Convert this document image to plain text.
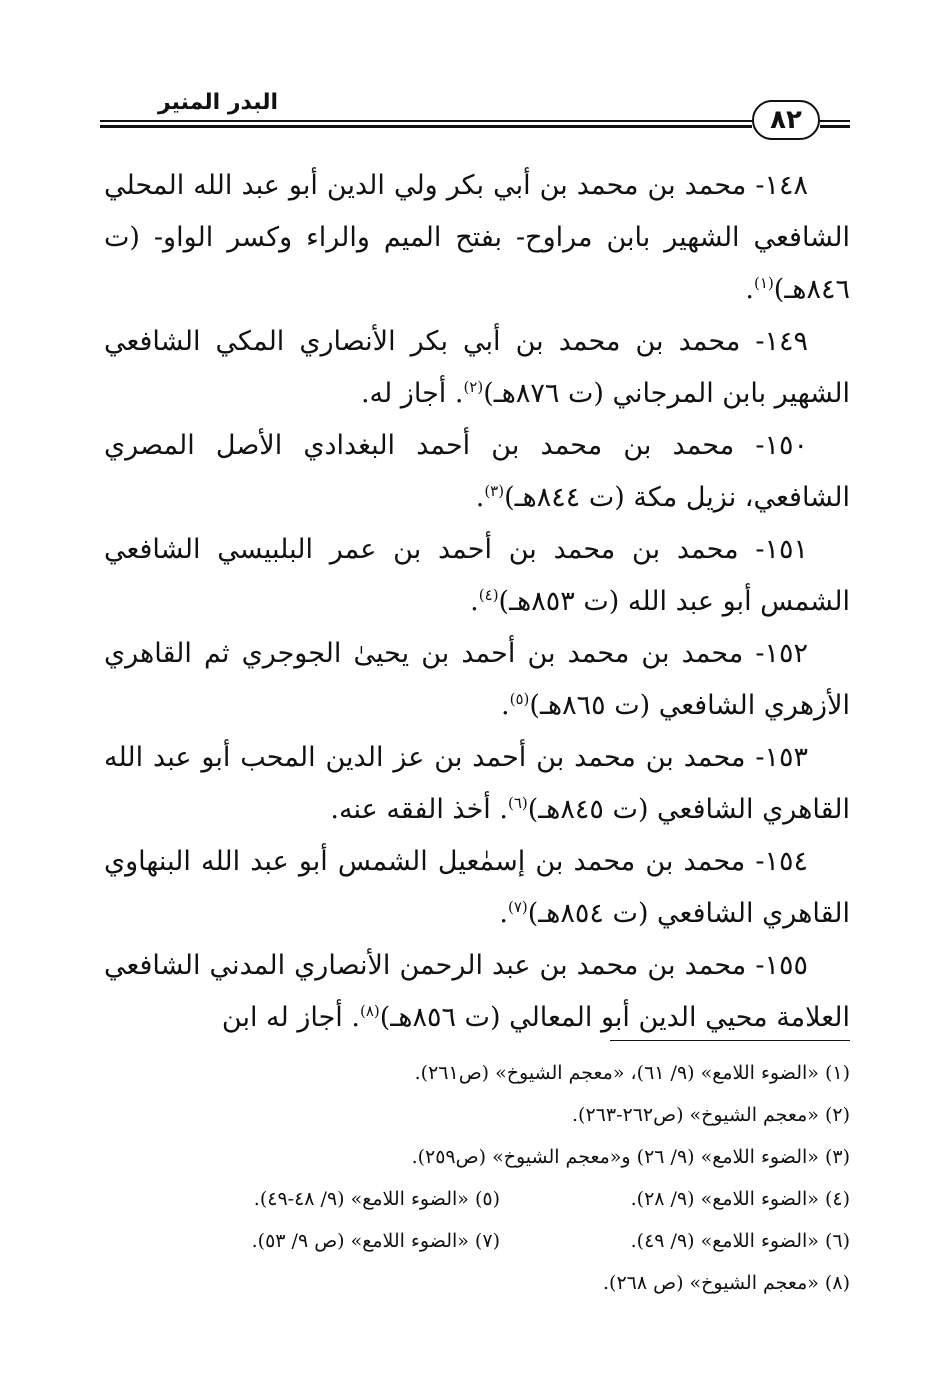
البدر المنير
٨٢

١٤٨- محمد بن محمد بن أبي بكر ولي الدين أبو عبد الله المحلي الشافعي الشهير بابن مراوح- بفتح الميم والراء وكسر الواو- (ت ٨٤٦هـ)$^{(١)}$.

١٤٩- محمد بن محمد بن أبي بكر الأنصاري المكي الشافعي الشهير بابن المرجاني (ت ٨٧٦هـ)$^{(٢)}$. أجاز له.

١٥٠- محمد بن محمد بن أحمد البغدادي الأصل المصري الشافعي، نزيل مكة (ت ٨٤٤هـ)$^{(٣)}$.

١٥١- محمد بن محمد بن أحمد بن عمر البلبيسي الشافعي الشمس أبو عبد الله (ت ٨٥٣هـ)$^{(٤)}$.

١٥٢- محمد بن محمد بن أحمد بن يحيىٰ الجوجري ثم القاهري الأزهري الشافعي (ت ٨٦٥هـ)$^{(٥)}$.

١٥٣- محمد بن محمد بن أحمد بن عز الدين المحب أبو عبد الله القاهري الشافعي (ت ٨٤٥هـ)$^{(٦)}$. أخذ الفقه عنه.

١٥٤- محمد بن محمد بن إسمٰعيل الشمس أبو عبد الله البنهاوي القاهري الشافعي (ت ٨٥٤هـ)$^{(٧)}$.

١٥٥- محمد بن محمد بن عبد الرحمن الأنصاري المدني الشافعي العلامة محيي الدين أبو المعالي (ت ٨٥٦هـ)$^{(٨)}$. أجاز له ابن

(١) «الضوء اللامع» (٩/ ٦١)، «معجم الشيوخ» (ص٢٦١).
(٢) «معجم الشيوخ» (ص٢٦٢-٢٦٣).
(٣) «الضوء اللامع» (٩/ ٢٦) و«معجم الشيوخ» (ص٢٥٩).
(٤) «الضوء اللامع» (٩/ ٢٨).
(٥) «الضوء اللامع» (٩/ ٤٨-٤٩).
(٦) «الضوء اللامع» (٩/ ٤٩).
(٧) «الضوء اللامع» (ص ٩/ ٥٣).
(٨) «معجم الشيوخ» (ص ٢٦٨).
